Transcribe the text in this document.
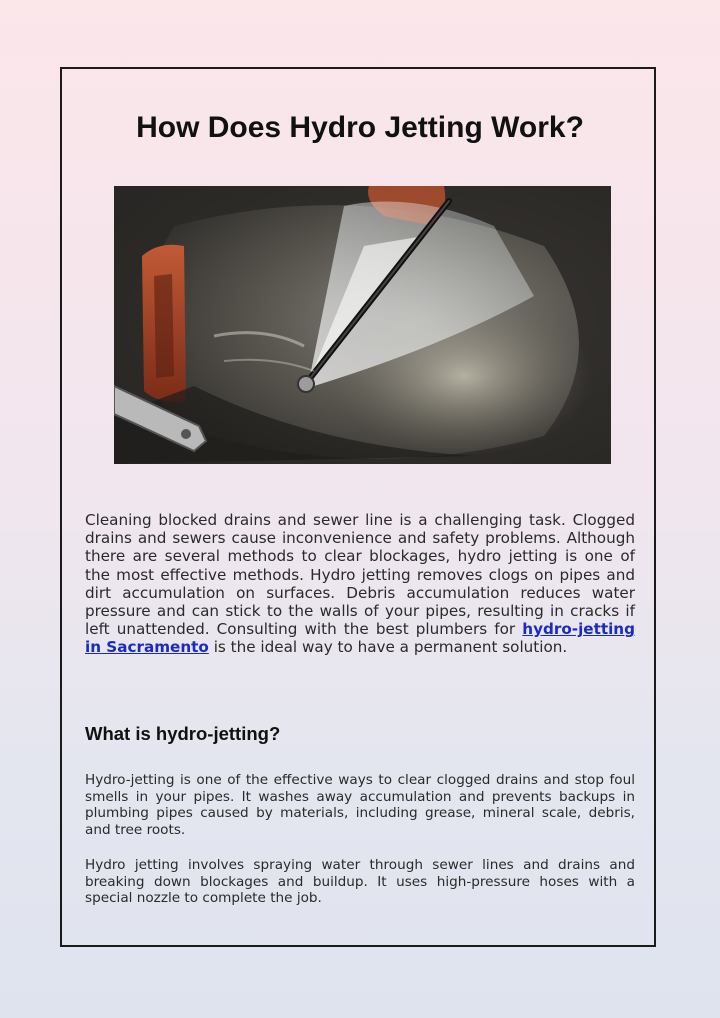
How Does Hydro Jetting Work?

Cleaning blocked drains and sewer line is a challenging task. Clogged drains and sewers cause inconvenience and safety problems. Although there are several methods to clear blockages, hydro jetting is one of the most effective methods. Hydro jetting removes clogs on pipes and dirt accumulation on surfaces. Debris accumulation reduces water pressure and can stick to the walls of your pipes, resulting in cracks if left unattended. Consulting with the best plumbers for hydro-jetting in Sacramento is the ideal way to have a permanent solution.

What is hydro-jetting?

Hydro-jetting is one of the effective ways to clear clogged drains and stop foul smells in your pipes. It washes away accumulation and prevents backups in plumbing pipes caused by materials, including grease, mineral scale, debris, and tree roots.

Hydro jetting involves spraying water through sewer lines and drains and breaking down blockages and buildup. It uses high-pressure hoses with a special nozzle to complete the job.
